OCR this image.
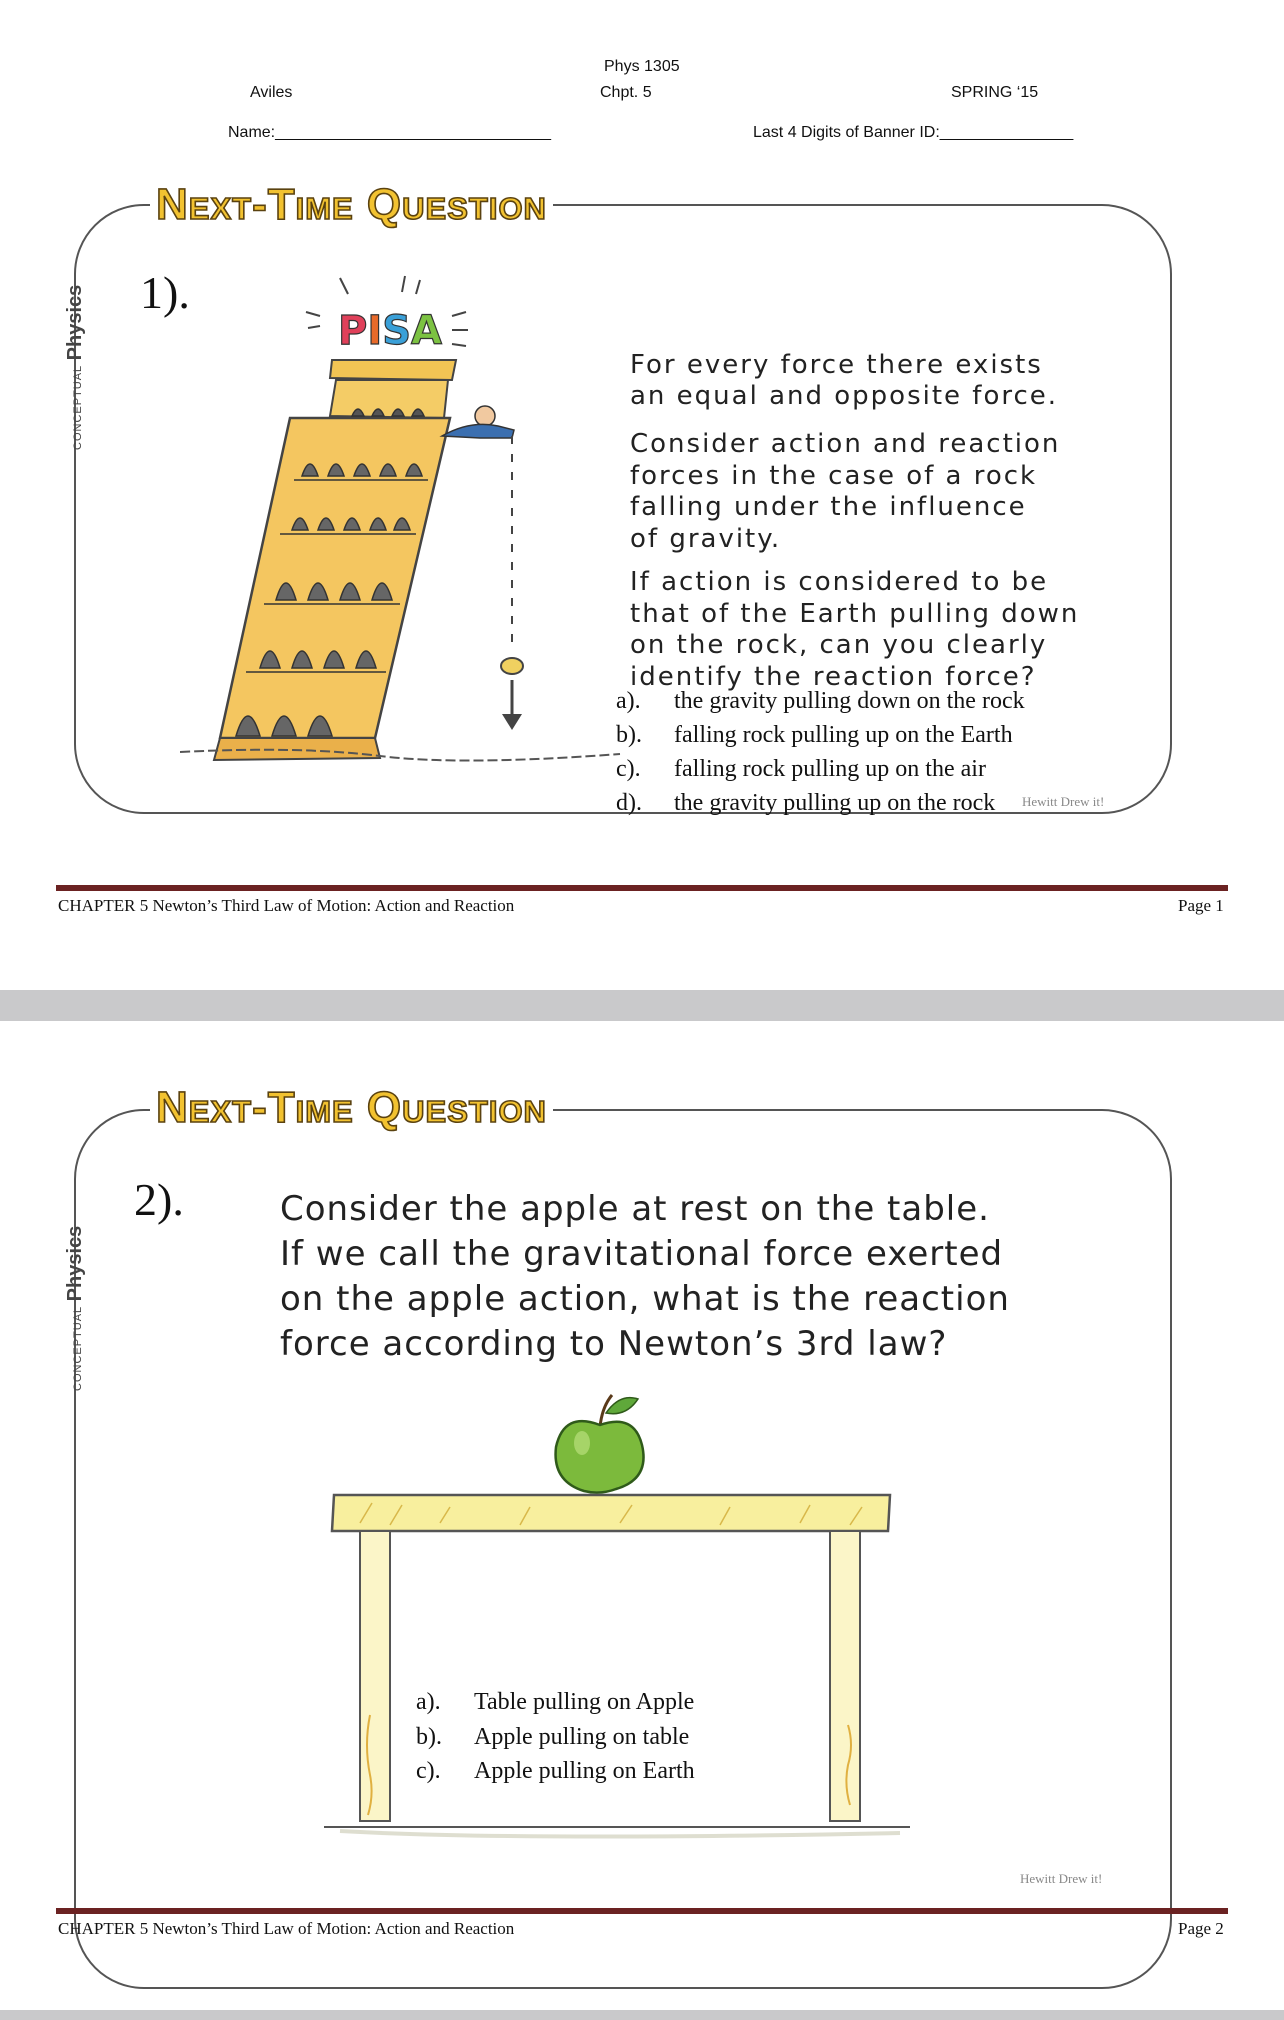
Phys 1305
Aviles	Chpt. 5	SPRING ‘15
Name:_______________________________	Last 4 Digits of Banner ID:_______________
Next-Time Question
CONCEPTUAL Physics 1).
PISA
For every force there exists
an equal and opposite force.
Consider action and reaction
forces in the case of a rock
falling under the influence
of gravity.
If action is considered to be
that of the Earth pulling down
on the rock, can you clearly
identify the reaction force?
a). the gravity pulling down on the rock
b). falling rock pulling up on the Earth
c). falling rock pulling up on the air
d). the gravity pulling up on the rock Hewitt Drew it!
CHAPTER 5 Newton’s Third Law of Motion: Action and Reaction	Page 1
Next-Time Question
CONCEPTUAL Physics
2).	Consider the apple at rest on the table.
If we call the gravitational force exerted
on the apple action, what is the reaction
force according to Newton’s 3rd law?
a). Table pulling on Apple
b). Apple pulling on table
c). Apple pulling on Earth
Hewitt Drew it!
CHAPTER 5 Newton’s Third Law of Motion: Action and Reaction	Page 2
